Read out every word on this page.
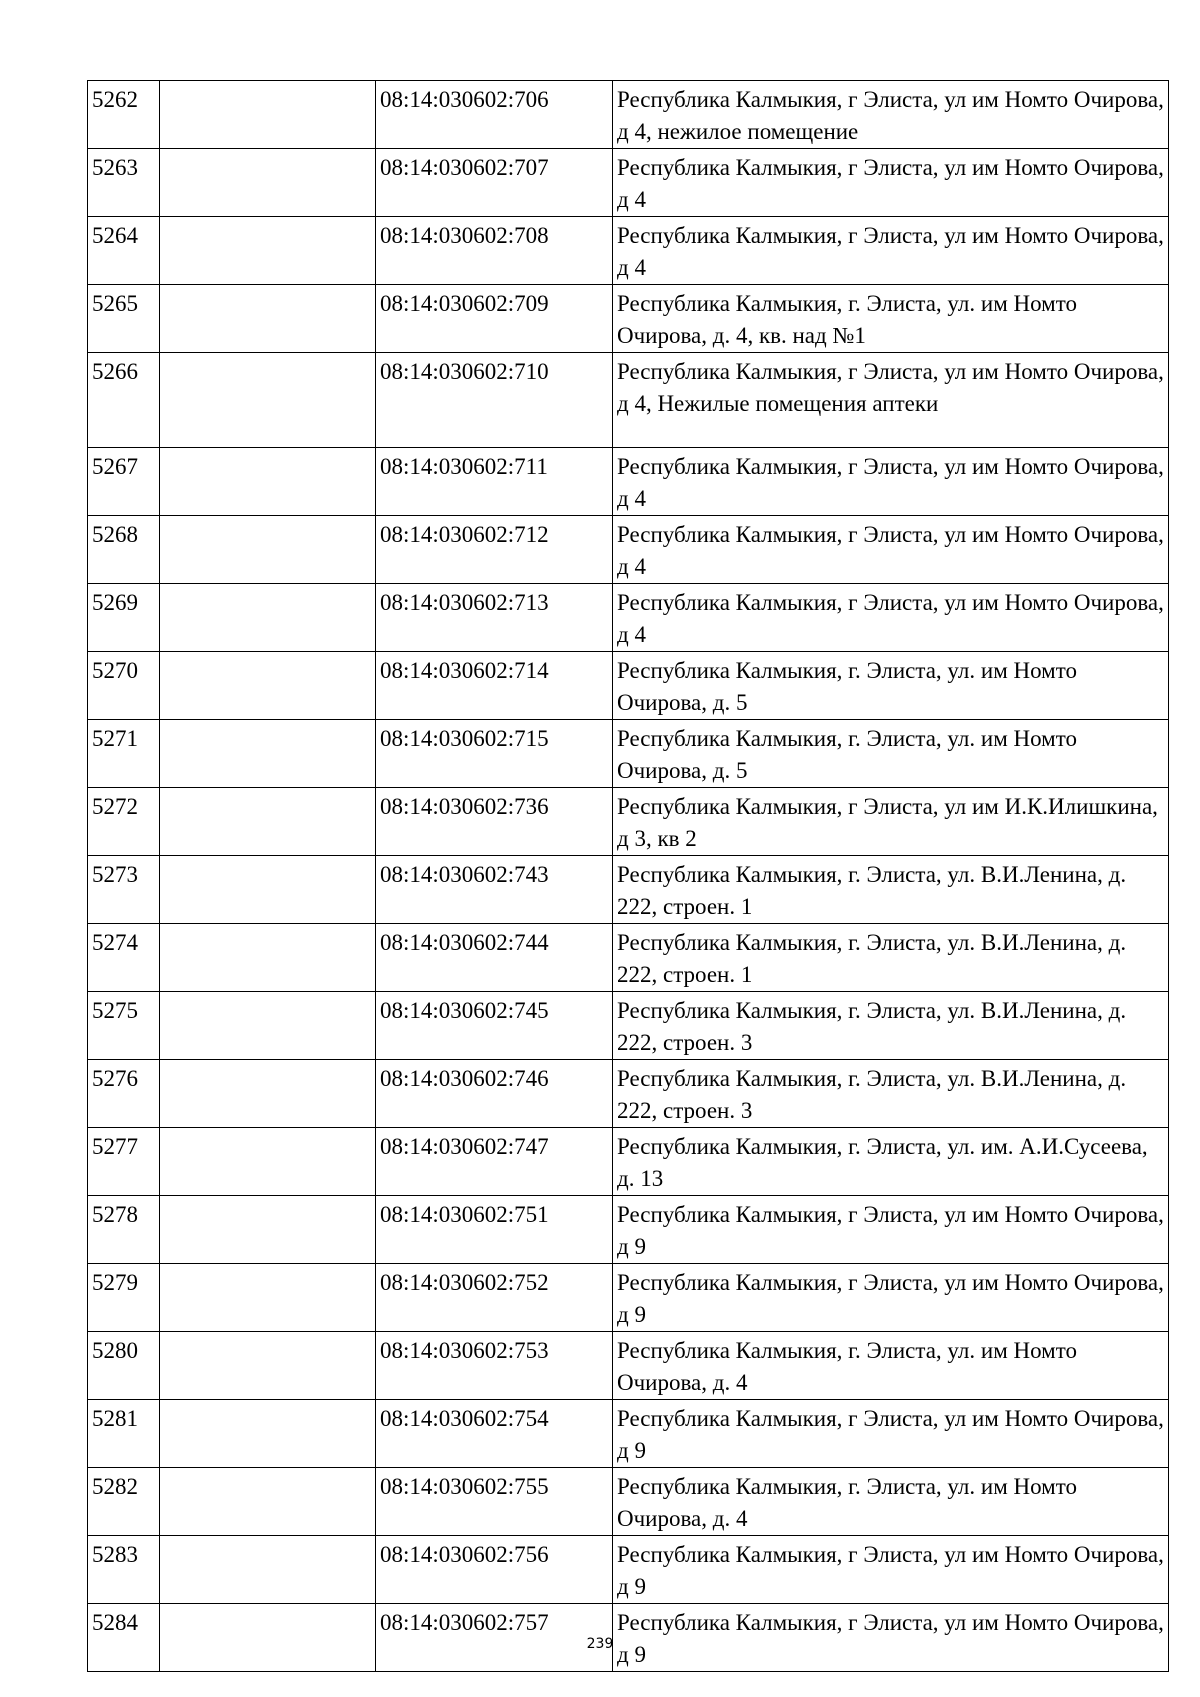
5262		08:14:030602:706	Республика Калмыкия, г Элиста, ул им Номто Очирова, д 4, нежилое помещение
5263		08:14:030602:707	Республика Калмыкия, г Элиста, ул им Номто Очирова, д 4
5264		08:14:030602:708	Республика Калмыкия, г Элиста, ул им Номто Очирова, д 4
5265		08:14:030602:709	Республика Калмыкия, г. Элиста, ул. им Номто Очирова, д. 4, кв. над №1
5266		08:14:030602:710	Республика Калмыкия, г Элиста, ул им Номто Очирова, д 4, Нежилые помещения аптеки
5267		08:14:030602:711	Республика Калмыкия, г Элиста, ул им Номто Очирова, д 4
5268		08:14:030602:712	Республика Калмыкия, г Элиста, ул им Номто Очирова, д 4
5269		08:14:030602:713	Республика Калмыкия, г Элиста, ул им Номто Очирова, д 4
5270		08:14:030602:714	Республика Калмыкия, г. Элиста, ул. им Номто Очирова, д. 5
5271		08:14:030602:715	Республика Калмыкия, г. Элиста, ул. им Номто Очирова, д. 5
5272		08:14:030602:736	Республика Калмыкия, г Элиста, ул им И.К.Илишкина, д 3, кв 2
5273		08:14:030602:743	Республика Калмыкия, г. Элиста, ул. В.И.Ленина, д. 222, строен. 1
5274		08:14:030602:744	Республика Калмыкия, г. Элиста, ул. В.И.Ленина, д. 222, строен. 1
5275		08:14:030602:745	Республика Калмыкия, г. Элиста, ул. В.И.Ленина, д. 222, строен. 3
5276		08:14:030602:746	Республика Калмыкия, г. Элиста, ул. В.И.Ленина, д. 222, строен. 3
5277		08:14:030602:747	Республика Калмыкия, г. Элиста, ул. им. А.И.Сусеева, д. 13
5278		08:14:030602:751	Республика Калмыкия, г Элиста, ул им Номто Очирова, д 9
5279		08:14:030602:752	Республика Калмыкия, г Элиста, ул им Номто Очирова, д 9
5280		08:14:030602:753	Республика Калмыкия, г. Элиста, ул. им Номто Очирова, д. 4
5281		08:14:030602:754	Республика Калмыкия, г Элиста, ул им Номто Очирова, д 9
5282		08:14:030602:755	Республика Калмыкия, г. Элиста, ул. им Номто Очирова, д. 4
5283		08:14:030602:756	Республика Калмыкия, г Элиста, ул им Номто Очирова, д 9
5284		08:14:030602:757	Республика Калмыкия, г Элиста, ул им Номто Очирова, д 9
239
